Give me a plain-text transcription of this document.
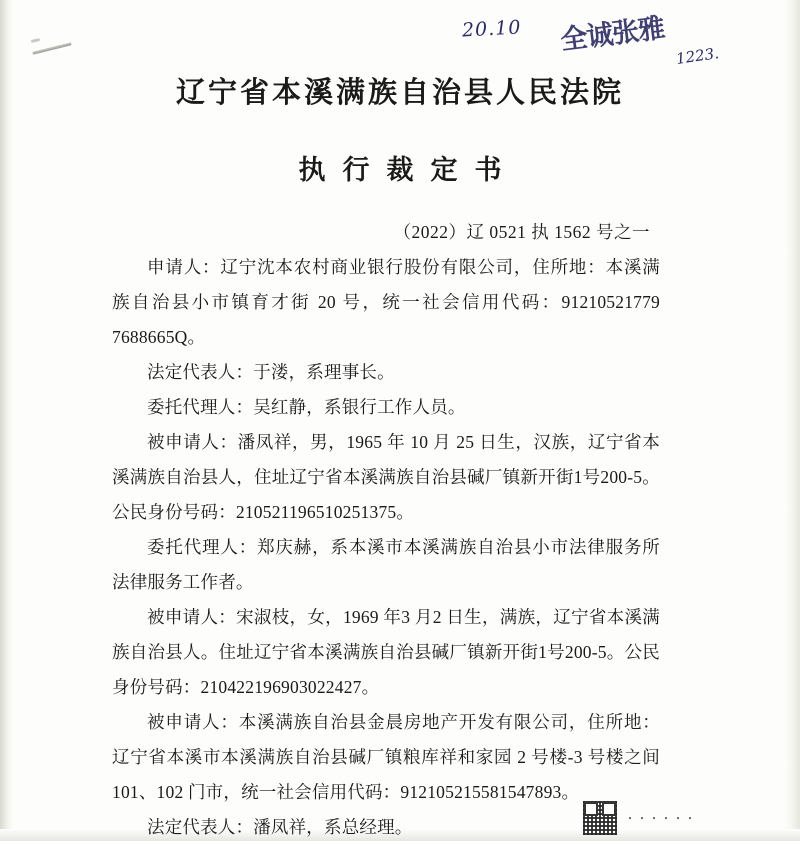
20.10 全诚张雅
1223.
辽宁省本溪满族自治县人民法院
执行裁定书
（2022）辽 0521 执 1562 号之一

申请人：辽宁沈本农村商业银行股份有限公司，住所地：本溪满族自治县小市镇育才街 20 号，统一社会信用代码：91210521779 7688665Q。

法定代表人：于溇，系理事长。

委托代理人：吴红静，系银行工作人员。

被申请人：潘凤祥，男，1965 年 10 月 25 日生，汉族，辽宁省本溪满族自治县人，住址辽宁省本溪满族自治县碱厂镇新开街1号200-5。公民身份号码：210521196510251375。

委托代理人：郑庆赫，系本溪市本溪满族自治县小市法律服务所法律服务工作者。

被申请人：宋淑枝，女，1969 年3 月2 日生，满族，辽宁省本溪满族自治县人。住址辽宁省本溪满族自治县碱厂镇新开街1号200-5。公民身份号码：210422196903022427。

被申请人：本溪满族自治县金晨房地产开发有限公司，住所地：辽宁省本溪市本溪满族自治县碱厂镇粮库祥和家园 2 号楼-3 号楼之间101、102 门市，统一社会信用代码：912105215581547893。

法定代表人：潘凤祥，系总经理。

......
